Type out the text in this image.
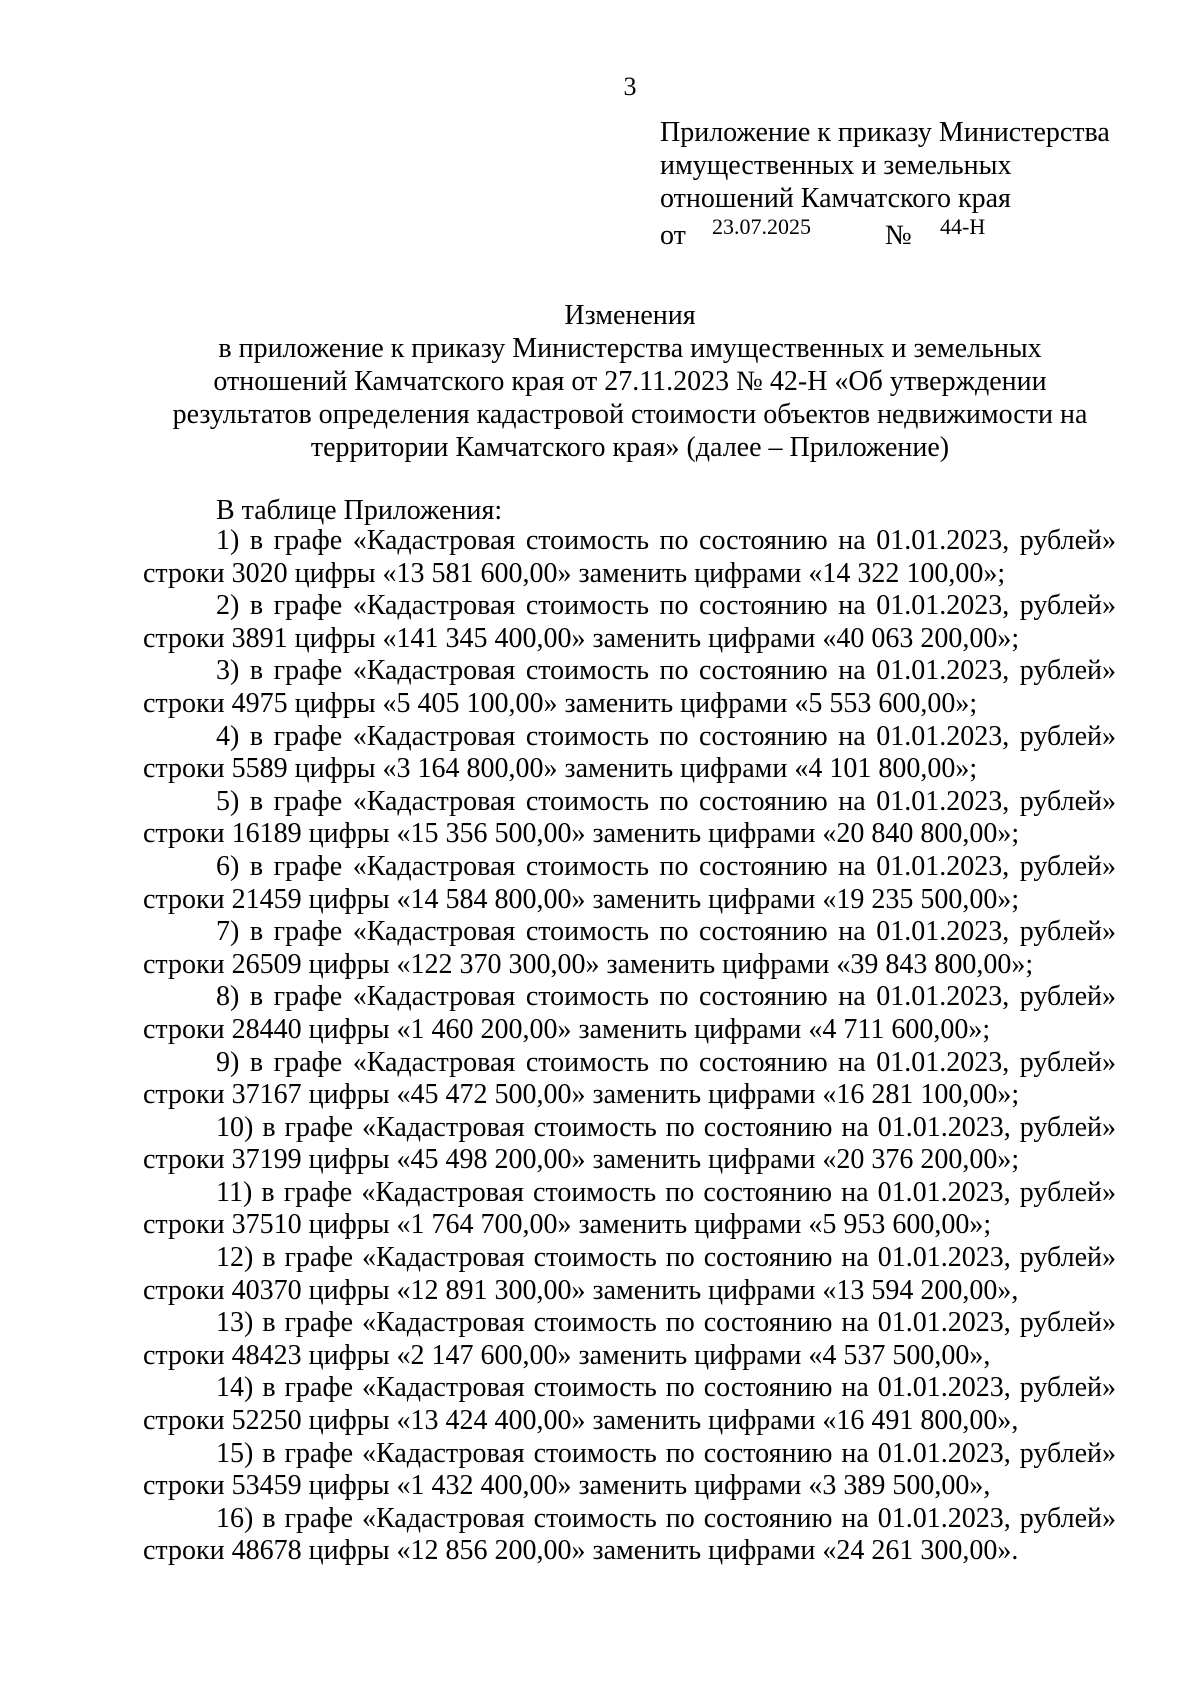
3
Приложение к приказу Министерства
имущественных и земельных
отношений Камчатского края
от 23.07.2025	№ 44-Н
Изменения
в приложение к приказу Министерства имущественных и земельных
отношений Камчатского края от 27.11.2023 № 42-Н «Об утверждении
результатов определения кадастровой стоимости объектов недвижимости на
территории Камчатского края» (далее – Приложение)
В таблице Приложения:
1) в графе «Кадастровая стоимость по состоянию на 01.01.2023, рублей»
строки 3020 цифры «13 581 600,00» заменить цифрами «14 322 100,00»;
2) в графе «Кадастровая стоимость по состоянию на 01.01.2023, рублей»
строки 3891 цифры «141 345 400,00» заменить цифрами «40 063 200,00»;
3) в графе «Кадастровая стоимость по состоянию на 01.01.2023, рублей»
строки 4975 цифры «5 405 100,00» заменить цифрами «5 553 600,00»;
4) в графе «Кадастровая стоимость по состоянию на 01.01.2023, рублей»
строки 5589 цифры «3 164 800,00» заменить цифрами «4 101 800,00»;
5) в графе «Кадастровая стоимость по состоянию на 01.01.2023, рублей»
строки 16189 цифры «15 356 500,00» заменить цифрами «20 840 800,00»;
6) в графе «Кадастровая стоимость по состоянию на 01.01.2023, рублей»
строки 21459 цифры «14 584 800,00» заменить цифрами «19 235 500,00»;
7) в графе «Кадастровая стоимость по состоянию на 01.01.2023, рублей»
строки 26509 цифры «122 370 300,00» заменить цифрами «39 843 800,00»;
8) в графе «Кадастровая стоимость по состоянию на 01.01.2023, рублей»
строки 28440 цифры «1 460 200,00» заменить цифрами «4 711 600,00»;
9) в графе «Кадастровая стоимость по состоянию на 01.01.2023, рублей»
строки 37167 цифры «45 472 500,00» заменить цифрами «16 281 100,00»;
10) в графе «Кадастровая стоимость по состоянию на 01.01.2023, рублей»
строки 37199 цифры «45 498 200,00» заменить цифрами «20 376 200,00»;
11) в графе «Кадастровая стоимость по состоянию на 01.01.2023, рублей»
строки 37510 цифры «1 764 700,00» заменить цифрами «5 953 600,00»;
12) в графе «Кадастровая стоимость по состоянию на 01.01.2023, рублей»
строки 40370 цифры «12 891 300,00» заменить цифрами «13 594 200,00»,
13) в графе «Кадастровая стоимость по состоянию на 01.01.2023, рублей»
строки 48423 цифры «2 147 600,00» заменить цифрами «4 537 500,00»,
14) в графе «Кадастровая стоимость по состоянию на 01.01.2023, рублей»
строки 52250 цифры «13 424 400,00» заменить цифрами «16 491 800,00»,
15) в графе «Кадастровая стоимость по состоянию на 01.01.2023, рублей»
строки 53459 цифры «1 432 400,00» заменить цифрами «3 389 500,00»,
16) в графе «Кадастровая стоимость по состоянию на 01.01.2023, рублей»
строки 48678 цифры «12 856 200,00» заменить цифрами «24 261 300,00».
